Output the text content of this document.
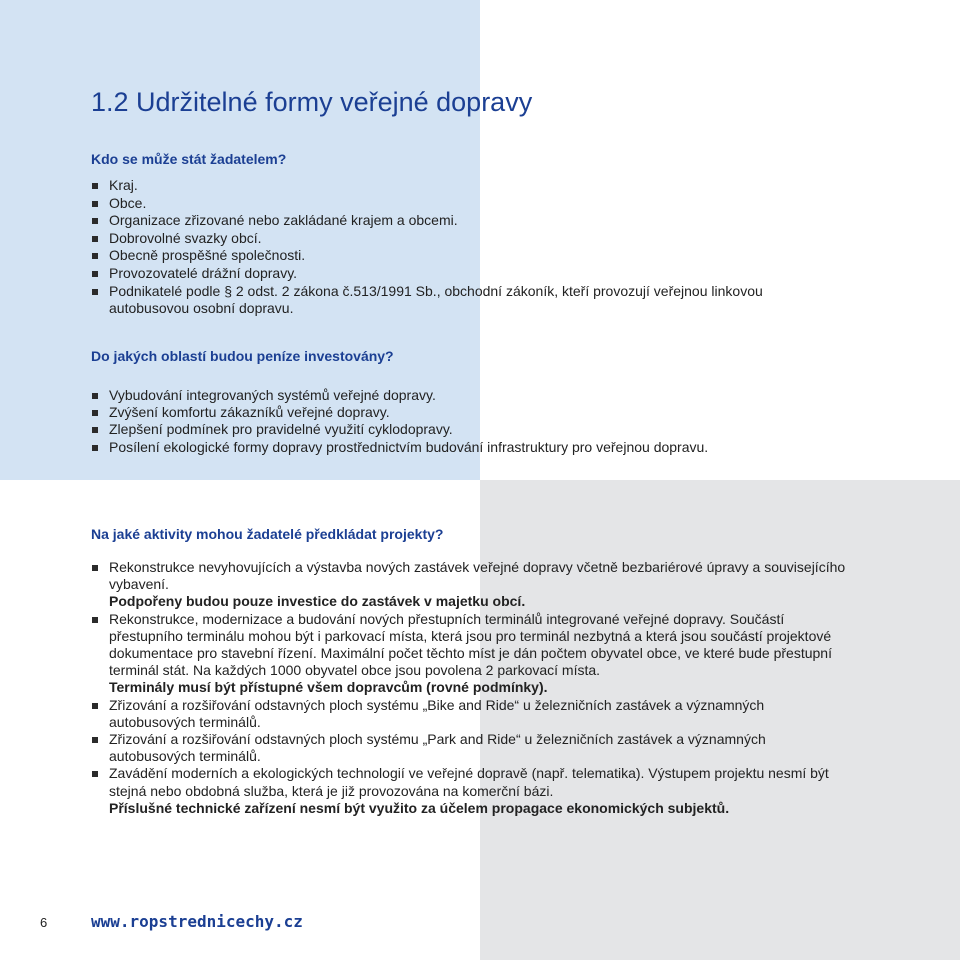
1.2 Udržitelné formy veřejné dopravy
Kdo se může stát žadatelem?
Kraj.
Obce.
Organizace zřizované nebo zakládané krajem a obcemi.
Dobrovolné svazky obcí.
Obecně prospěšné společnosti.
Provozovatelé drážní dopravy.
Podnikatelé podle § 2 odst. 2 zákona č.513/1991 Sb., obchodní zákoník, kteří provozují veřejnou linkovou autobusovou osobní dopravu.
Do jakých oblastí budou peníze investovány?
Vybudování integrovaných systémů veřejné dopravy.
Zvýšení komfortu zákazníků veřejné dopravy.
Zlepšení podmínek pro pravidelné využití cyklodopravy.
Posílení ekologické formy dopravy prostřednictvím budování infrastruktury pro veřejnou dopravu.
Na jaké aktivity mohou žadatelé předkládat projekty?
Rekonstrukce nevyhovujících a výstavba nových zastávek veřejné dopravy včetně bezbariérové úpravy a souvisejícího vybavení.
Podpořeny budou pouze investice do zastávek v majetku obcí.
Rekonstrukce, modernizace a budování nových přestupních terminálů integrované veřejné dopravy. Součástí přestupního terminálu mohou být i parkovací místa, která jsou pro terminál nezbytná a která jsou součástí projektové dokumentace pro stavební řízení. Maximální počet těchto míst je dán počtem obyvatel obce, ve které bude přestupní terminál stát. Na každých 1000 obyvatel obce jsou povolena 2 parkovací místa.
Terminály musí být přístupné všem dopravcům (rovné podmínky).
Zřizování a rozšiřování odstavných ploch systému „Bike and Ride“ u železničních zastávek a významných autobusových terminálů.
Zřizování a rozšiřování odstavných ploch systému „Park and Ride“ u železničních zastávek a významných autobusových terminálů.
Zavádění moderních a ekologických technologií ve veřejné dopravě (např. telematika). Výstupem projektu nesmí být stejná nebo obdobná služba, která je již provozována na komerční bázi.
Příslušné technické zařízení nesmí být využito za účelem propagace ekonomických subjektů.
6	www.ropstrednicechy.cz
